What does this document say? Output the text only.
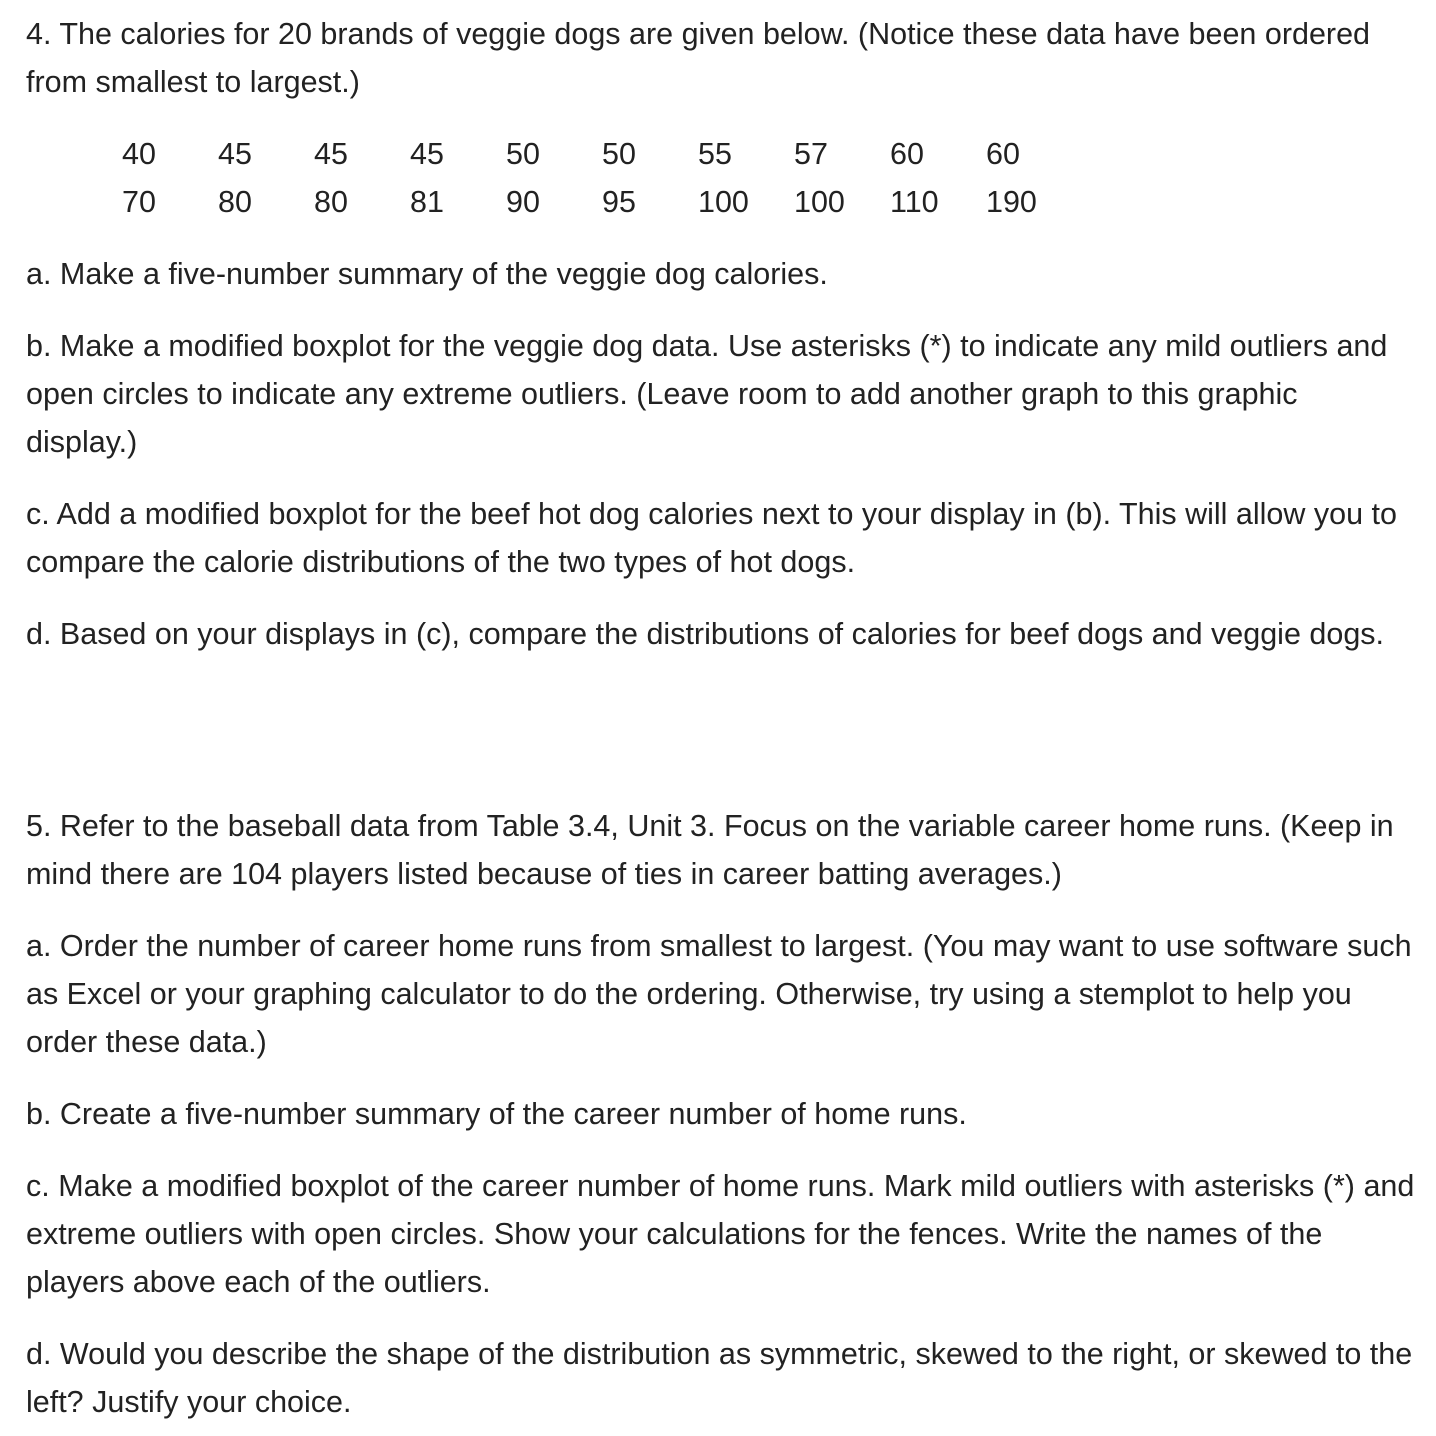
4. The calories for 20 brands of veggie dogs are given below. (Notice these data have been ordered from smallest to largest.)

40 45 45 45 50 50 55 57 60 60
70 80 80 81 90 95 100 100 110 190

a. Make a five-number summary of the veggie dog calories.

b. Make a modified boxplot for the veggie dog data. Use asterisks (*) to indicate any mild outliers and open circles to indicate any extreme outliers. (Leave room to add another graph to this graphic display.)

c. Add a modified boxplot for the beef hot dog calories next to your display in (b). This will allow you to compare the calorie distributions of the two types of hot dogs.

d. Based on your displays in (c), compare the distributions of calories for beef dogs and veggie dogs.

5. Refer to the baseball data from Table 3.4, Unit 3. Focus on the variable career home runs. (Keep in mind there are 104 players listed because of ties in career batting averages.)

a. Order the number of career home runs from smallest to largest. (You may want to use software such as Excel or your graphing calculator to do the ordering. Otherwise, try using a stemplot to help you order these data.)

b. Create a five-number summary of the career number of home runs.

c. Make a modified boxplot of the career number of home runs. Mark mild outliers with asterisks (*) and extreme outliers with open circles. Show your calculations for the fences. Write the names of the players above each of the outliers.

d. Would you describe the shape of the distribution as symmetric, skewed to the right, or skewed to the left? Justify your choice.
